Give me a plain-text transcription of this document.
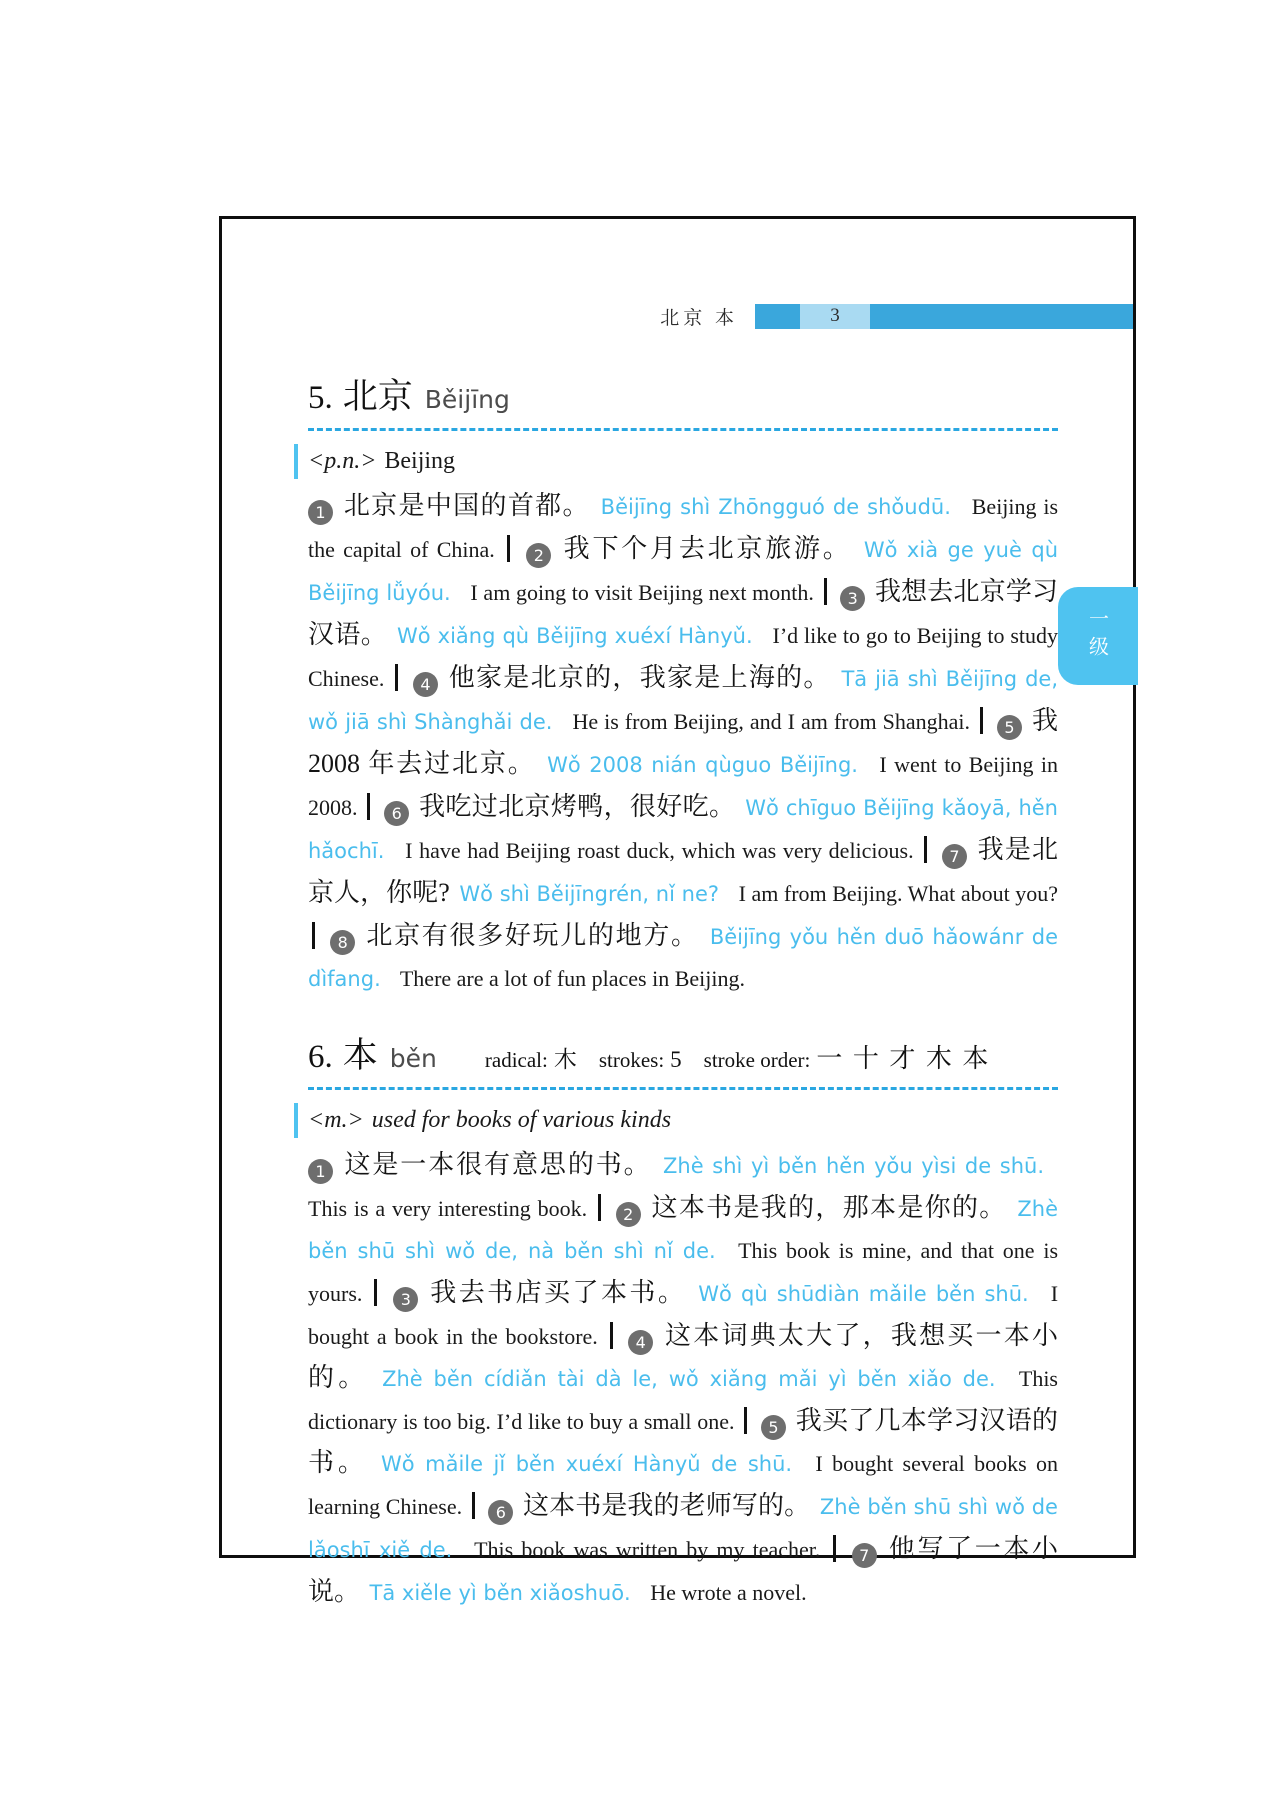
北京 本	3
一级
5. 北京 Běijīng
<p.n.> Beijing
1 北京是中国的首都。 Běijīng shì Zhōngguó de shǒudū. Beijing is the capital of China. 2 我下个月去北京旅游。 Wǒ xià ge yuè qù Běijīng lǚyóu. I am going to visit Beijing next month. 3 我想去北京学习汉语。 Wǒ xiǎng qù Běijīng xuéxí Hànyǔ. I’d like to go to Beijing to study Chinese. 4 他家是北京的，我家是上海的。 Tā jiā shì Běijīng de, wǒ jiā shì Shànghǎi de. He is from Beijing, and I am from Shanghai. 5 我 2008 年去过北京。 Wǒ 2008 nián qùguo Běijīng. I went to Beijing in 2008. 6 我吃过北京烤鸭，很好吃。 Wǒ chīguo Běijīng kǎoyā, hěn hǎochī. I have had Beijing roast duck, which was very delicious. 7 我是北京人，你呢? Wǒ shì Běijīngrén, nǐ ne? I am from Beijing. What about you?  8 北京有很多好玩儿的地方。 Běijīng yǒu hěn duō hǎowánr de dìfang. There are a lot of fun places in Beijing.
6. 本 běn radical: 木 strokes: 5 stroke order: 一 十 才 木 本
<m.> used for books of various kinds
1 这是一本很有意思的书。 Zhè shì yì běn hěn yǒu yìsi de shū. This is a very interesting book. 2 这本书是我的，那本是你的。 Zhè běn shū shì wǒ de, nà běn shì nǐ de. This book is mine, and that one is yours. 3 我去书店买了本书。 Wǒ qù shūdiàn mǎile běn shū. I bought a book in the bookstore. 4 这本词典太大了，我想买一本小的。 Zhè běn cídiǎn tài dà le, wǒ xiǎng mǎi yì běn xiǎo de. This dictionary is too big. I’d like to buy a small one. 5 我买了几本学习汉语的书。 Wǒ mǎile jǐ běn xuéxí Hànyǔ de shū. I bought several books on learning Chinese. 6 这本书是我的老师写的。 Zhè běn shū shì wǒ de lǎoshī xiě de. This book was written by my teacher. 7 他写了一本小说。 Tā xiěle yì běn xiǎoshuō. He wrote a novel.
